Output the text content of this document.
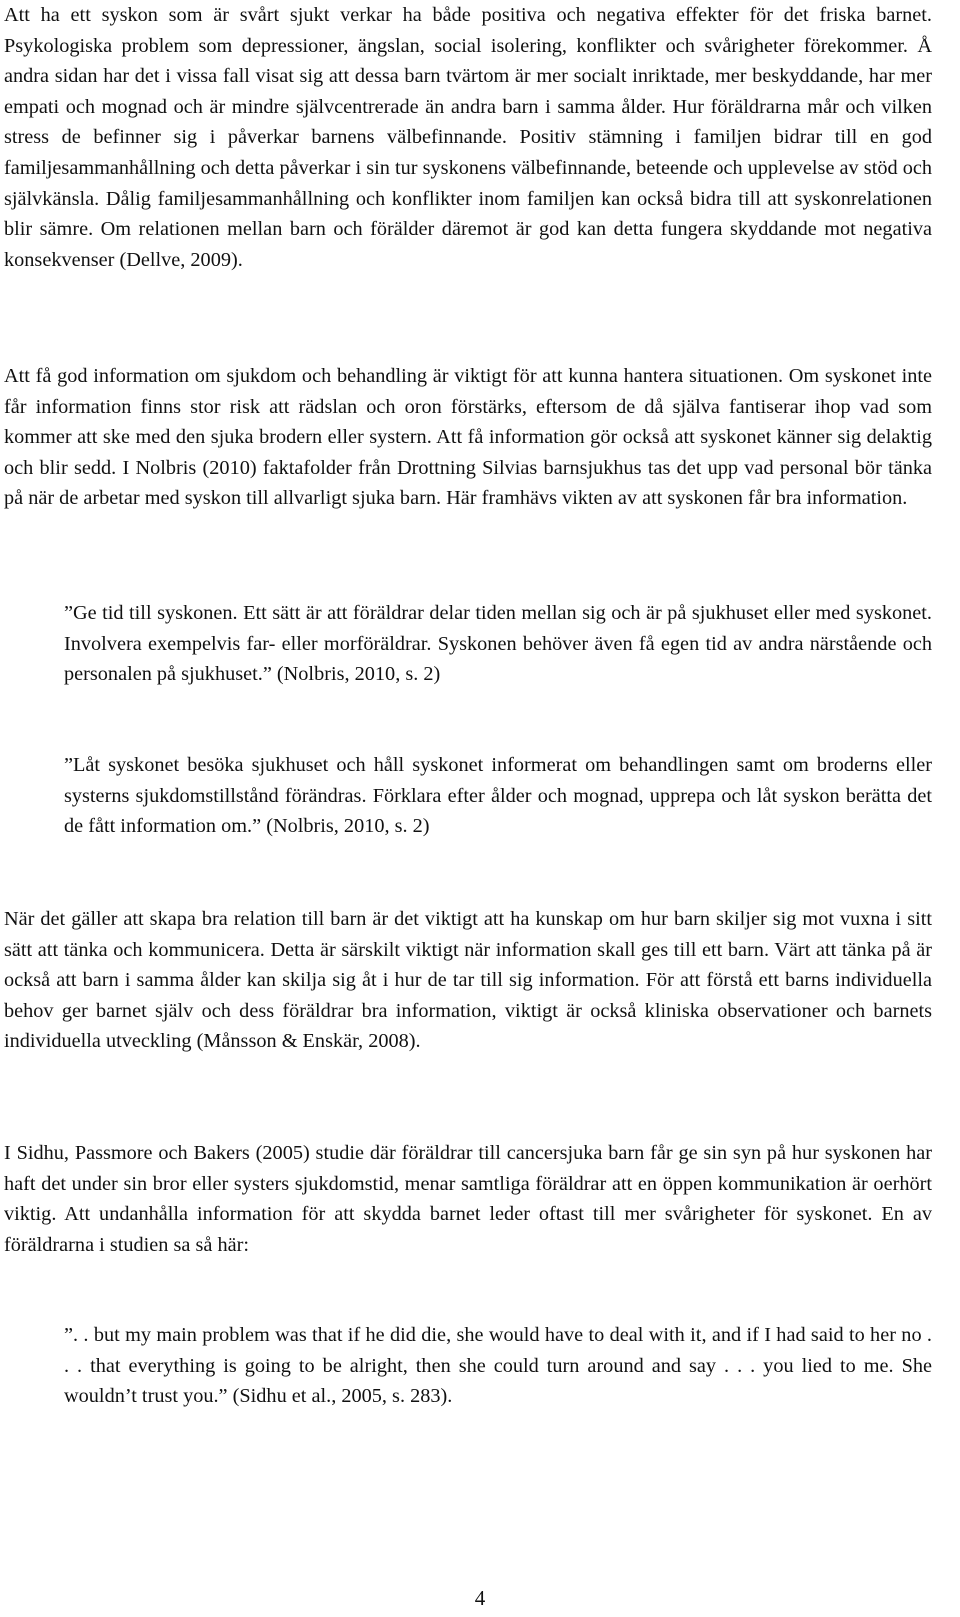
Att ha ett syskon som är svårt sjukt verkar ha både positiva och negativa effekter för det friska barnet. Psykologiska problem som depressioner, ängslan, social isolering, konflikter och svårigheter förekommer. Å andra sidan har det i vissa fall visat sig att dessa barn tvärtom är mer socialt inriktade, mer beskyddande, har mer empati och mognad och är mindre självcentrerade än andra barn i samma ålder. Hur föräldrarna mår och vilken stress de befinner sig i påverkar barnens välbefinnande. Positiv stämning i familjen bidrar till en god familjesammanhållning och detta påverkar i sin tur syskonens välbefinnande, beteende och upplevelse av stöd och självkänsla. Dålig familjesammanhållning och konflikter inom familjen kan också bidra till att syskonrelationen blir sämre. Om relationen mellan barn och förälder däremot är god kan detta fungera skyddande mot negativa konsekvenser (Dellve, 2009).

Att få god information om sjukdom och behandling är viktigt för att kunna hantera situationen. Om syskonet inte får information finns stor risk att rädslan och oron förstärks, eftersom de då själva fantiserar ihop vad som kommer att ske med den sjuka brodern eller systern. Att få information gör också att syskonet känner sig delaktig och blir sedd. I Nolbris (2010) faktafolder från Drottning Silvias barnsjukhus tas det upp vad personal bör tänka på när de arbetar med syskon till allvarligt sjuka barn. Här framhävs vikten av att syskonen får bra information.

”Ge tid till syskonen. Ett sätt är att föräldrar delar tiden mellan sig och är på sjukhuset eller med syskonet. Involvera exempelvis far- eller morföräldrar. Syskonen behöver även få egen tid av andra närstående och personalen på sjukhuset.” (Nolbris, 2010, s. 2)

”Låt syskonet besöka sjukhuset och håll syskonet informerat om behandlingen samt om broderns eller systerns sjukdomstillstånd förändras. Förklara efter ålder och mognad, upprepa och låt syskon berätta det de fått information om.” (Nolbris, 2010, s. 2)

När det gäller att skapa bra relation till barn är det viktigt att ha kunskap om hur barn skiljer sig mot vuxna i sitt sätt att tänka och kommunicera. Detta är särskilt viktigt när information skall ges till ett barn. Värt att tänka på är också att barn i samma ålder kan skilja sig åt i hur de tar till sig information. För att förstå ett barns individuella behov ger barnet själv och dess föräldrar bra information, viktigt är också kliniska observationer och barnets individuella utveckling (Månsson & Enskär, 2008).

I Sidhu, Passmore och Bakers (2005) studie där föräldrar till cancersjuka barn får ge sin syn på hur syskonen har haft det under sin bror eller systers sjukdomstid, menar samtliga föräldrar att en öppen kommunikation är oerhört viktig. Att undanhålla information för att skydda barnet leder oftast till mer svårigheter för syskonet. En av föräldrarna i studien sa så här:

”. . but my main problem was that if he did die, she would have to deal with it, and if I had said to her no . . . that everything is going to be alright, then she could turn around and say . . . you lied to me. She wouldn’t trust you.” (Sidhu et al., 2005, s. 283).

4
